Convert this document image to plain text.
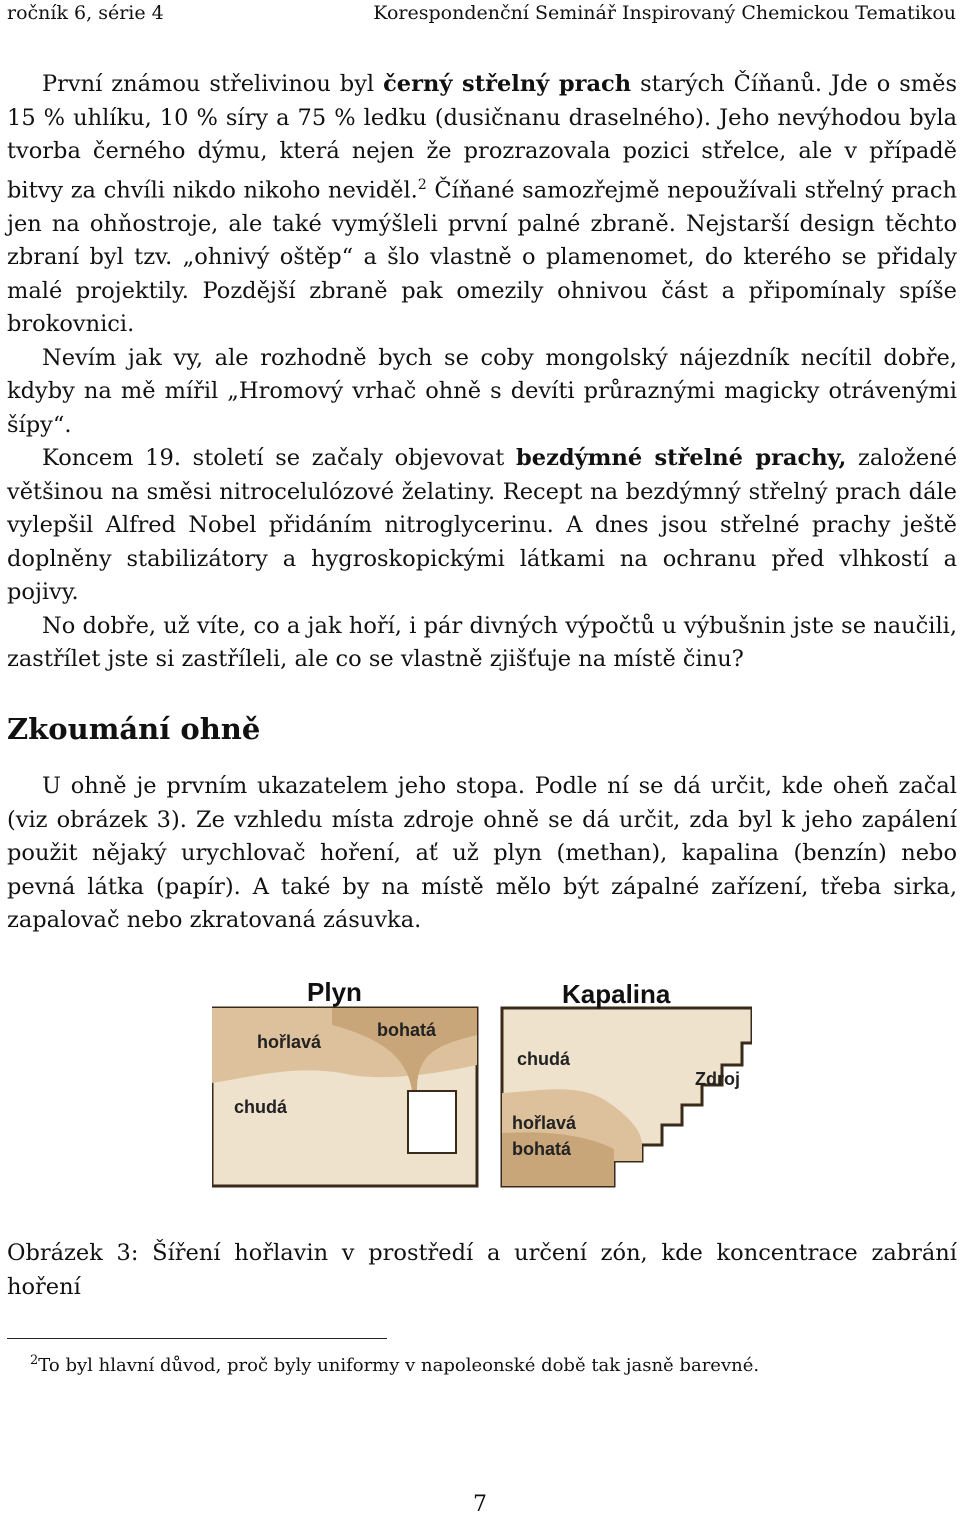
ročník 6, série 4	Korespondenční Seminář Inspirovaný Chemickou Tematikou

První známou střelivinou byl černý střelný prach starých Číňanů. Jde o směs 15 % uhlíku, 10 % síry a 75 % ledku (dusičnanu draselného). Jeho nevýhodou byla tvorba černého dýmu, která nejen že prozrazovala pozici střelce, ale v případě bitvy za chvíli nikdo nikoho neviděl.$^2$ Číňané samozřejmě nepoužívali střelný prach jen na ohňostroje, ale také vymýšleli první palné zbraně. Nejstarší design těchto zbraní byl tzv. „ohnivý oštěp“ a šlo vlastně o plamenomet, do kterého se přidaly malé projektily. Pozdější zbraně pak omezily ohnivou část a připomínaly spíše brokovnici.

Nevím jak vy, ale rozhodně bych se coby mongolský nájezdník necítil dobře, kdyby na mě mířil „Hromový vrhač ohně s devíti průraznými magicky otrávenými šípy“.

Koncem 19. století se začaly objevovat bezdýmné střelné prachy, založené většinou na směsi nitrocelulózové želatiny. Recept na bezdýmný střelný prach dále vylepšil Alfred Nobel přidáním nitroglycerinu. A dnes jsou střelné prachy ještě doplněny stabilizátory a hygroskopickými látkami na ochranu před vlhkostí a pojivy.

No dobře, už víte, co a jak hoří, i pár divných výpočtů u výbušnin jste se naučili, zastřílet jste si zastříleli, ale co se vlastně zjišťuje na místě činu?

Zkoumání ohně

U ohně je prvním ukazatelem jeho stopa. Podle ní se dá určit, kde oheň začal (viz obrázek 3). Ze vzhledu místa zdroje ohně se dá určit, zda byl k jeho zapálení použit nějaký urychlovač hoření, ať už plyn (methan), kapalina (benzín) nebo pevná látka (papír). A také by na místě mělo být zápalné zařízení, třeba sirka, zapalovač nebo zkratovaná zásuvka.

Plyn
hořlavá
bohatá
chudá
Kapalina
chudá
Zdroj
hořlavá
bohatá
Obrázek 3: Šíření hořlavin v prostředí a určení zón, kde koncentrace zabrání hoření
$^2$To byl hlavní důvod, proč byly uniformy v napoleonské době tak jasně barevné.
7
